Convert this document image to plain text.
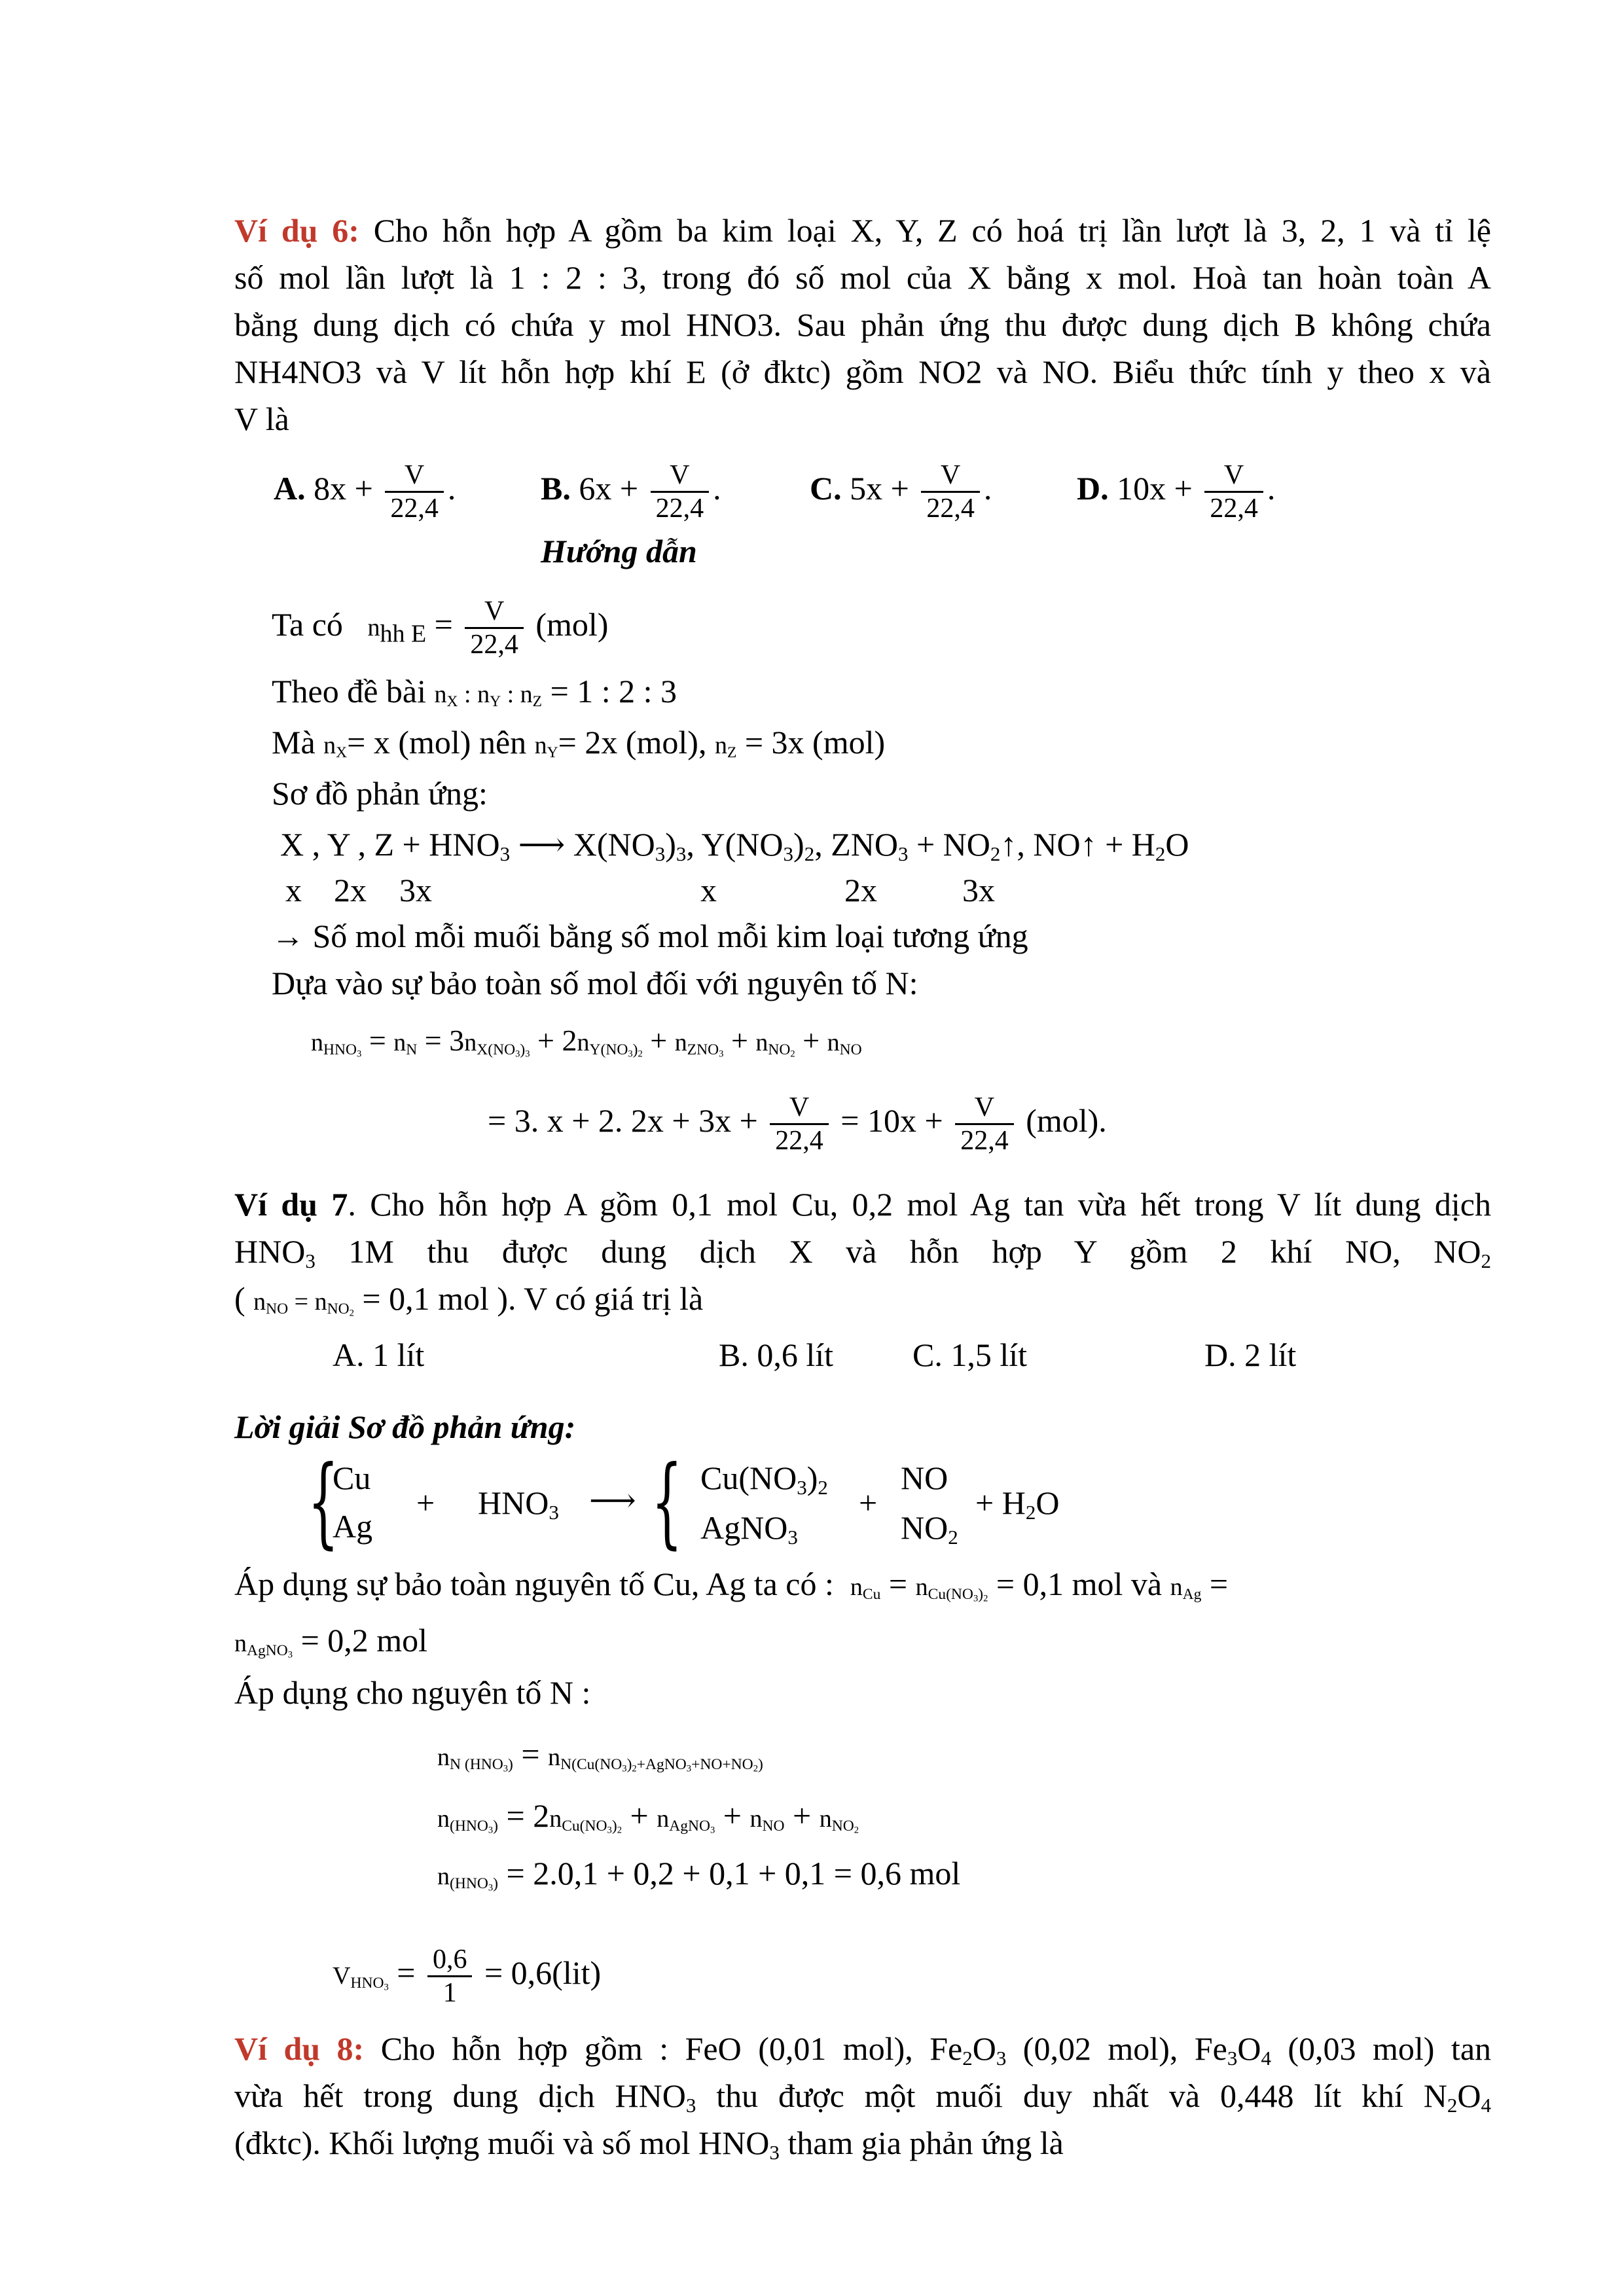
Ví dụ 6: Cho hỗn hợp A gồm ba kim loại X, Y, Z có hoá trị lần lượt là 3, 2, 1 và tỉ lệ
số mol lần lượt là 1 : 2 : 3, trong đó số mol của X bằng x mol. Hoà tan hoàn toàn A
bằng dung dịch có chứa y mol HNO3. Sau phản ứng thu được dung dịch B không chứa
NH4NO3 và V lít hỗn hợp khí E (ở đktc) gồm NO2 và NO. Biểu thức tính y theo x và
V là
A. $8x + \frac{V}{22,4}$ .	B. $6x + \frac{V}{22,4}$ .	C. $5x + \frac{V}{22,4}$ .	D. $10x + \frac{V}{22,4}$ .
Hướng dẫn
Ta có $n_{hh E} = \frac{V}{22,4} (mol)$
Theo đề bài $n_X$ : $n_Y$ : $n_Z = 1$ : 2 : 3
Mà $n_X= x$ (mol) nên $n_Y= 2x$ (mol), $n_Z = 3x$ (mol)
Sơ đồ phản ứng:
X , Y , $Z + HNO_3$ ⟶ $X(NO_3)_3$, $Y(NO_3)_2$, $ZNO_3$ + $NO_2↑$, NO↑ + $H_2O$
x 2x 3x	x	2x	3x
→ Số mol mỗi muối bằng số mol mỗi kim loại tương ứng
Dựa vào sự bảo toàn số mol đối với nguyên tố N:
$n_{HNO_3} = n_N = 3n_{X(NO_3)_3} + 2n_{Y(NO_3)_2} + n_{ZNO_3} + n_{NO_2} + n_{NO}$
= 3. x + 2. $2x + 3x + \frac{V}{22,4} = 10x + \frac{V}{22,4} (mol)$.
Ví dụ 7. Cho hỗn hợp A gồm 0,1 mol Cu, 0,2 mol Ag tan vừa hết trong V lít dung dịch
$HNO_3$ 1M thu được dung dịch X và hỗn hợp Y gồm 2 khí NO, $NO_2$
( $n_{NO} = n_{NO_2} = 0,1$ mol ). V có giá trị là
A. 1 lít	B. 0,6 lít C. 1,5 lít	D. 2 lít
Lời giải Sơ đồ phản ứng:
{
Cu
Ag
+ $HNO_3$ ⟶ { $Cu(NO_3)_2$
AgNO$_3$
+
NO
$NO_2$
+ $H_2O$
Áp dụng sự bảo toàn nguyên tố Cu, Ag ta có : $n_{Cu} = n_{Cu(NO_3)_2} = 0,1$ mol và $n_{Ag}$ =
$n_{AgNO_3} = 0,2$ mol
Áp dụng cho nguyên tố N :
$n_{N (HNO_3)} = n_{N(Cu(NO_3)_2+AgNO_3+NO+NO_2)}$
$n_{(HNO_3)} = 2n_{Cu(NO_3)_2} + n_{AgNO_3} + n_{NO} + n_{NO_2}$
$n_{(HNO_3)} = 2.0,1 + 0,2 + 0,1 + 0,1 = 0,6$ mol
$V_{HNO_3} = \frac{0,6}{1} = 0,6(lit)$
Ví dụ 8: Cho hỗn hợp gồm : FeO (0,01 mol), $Fe_2O_3$ (0,02 mol), $Fe_3O_4$ (0,03 mol) tan
vừa hết trong dung dịch $HNO_3$ thu được một muối duy nhất và 0,448 lít khí $N_2O_4$
(đktc). Khối lượng muối và số mol $HNO_3$ tham gia phản ứng là
